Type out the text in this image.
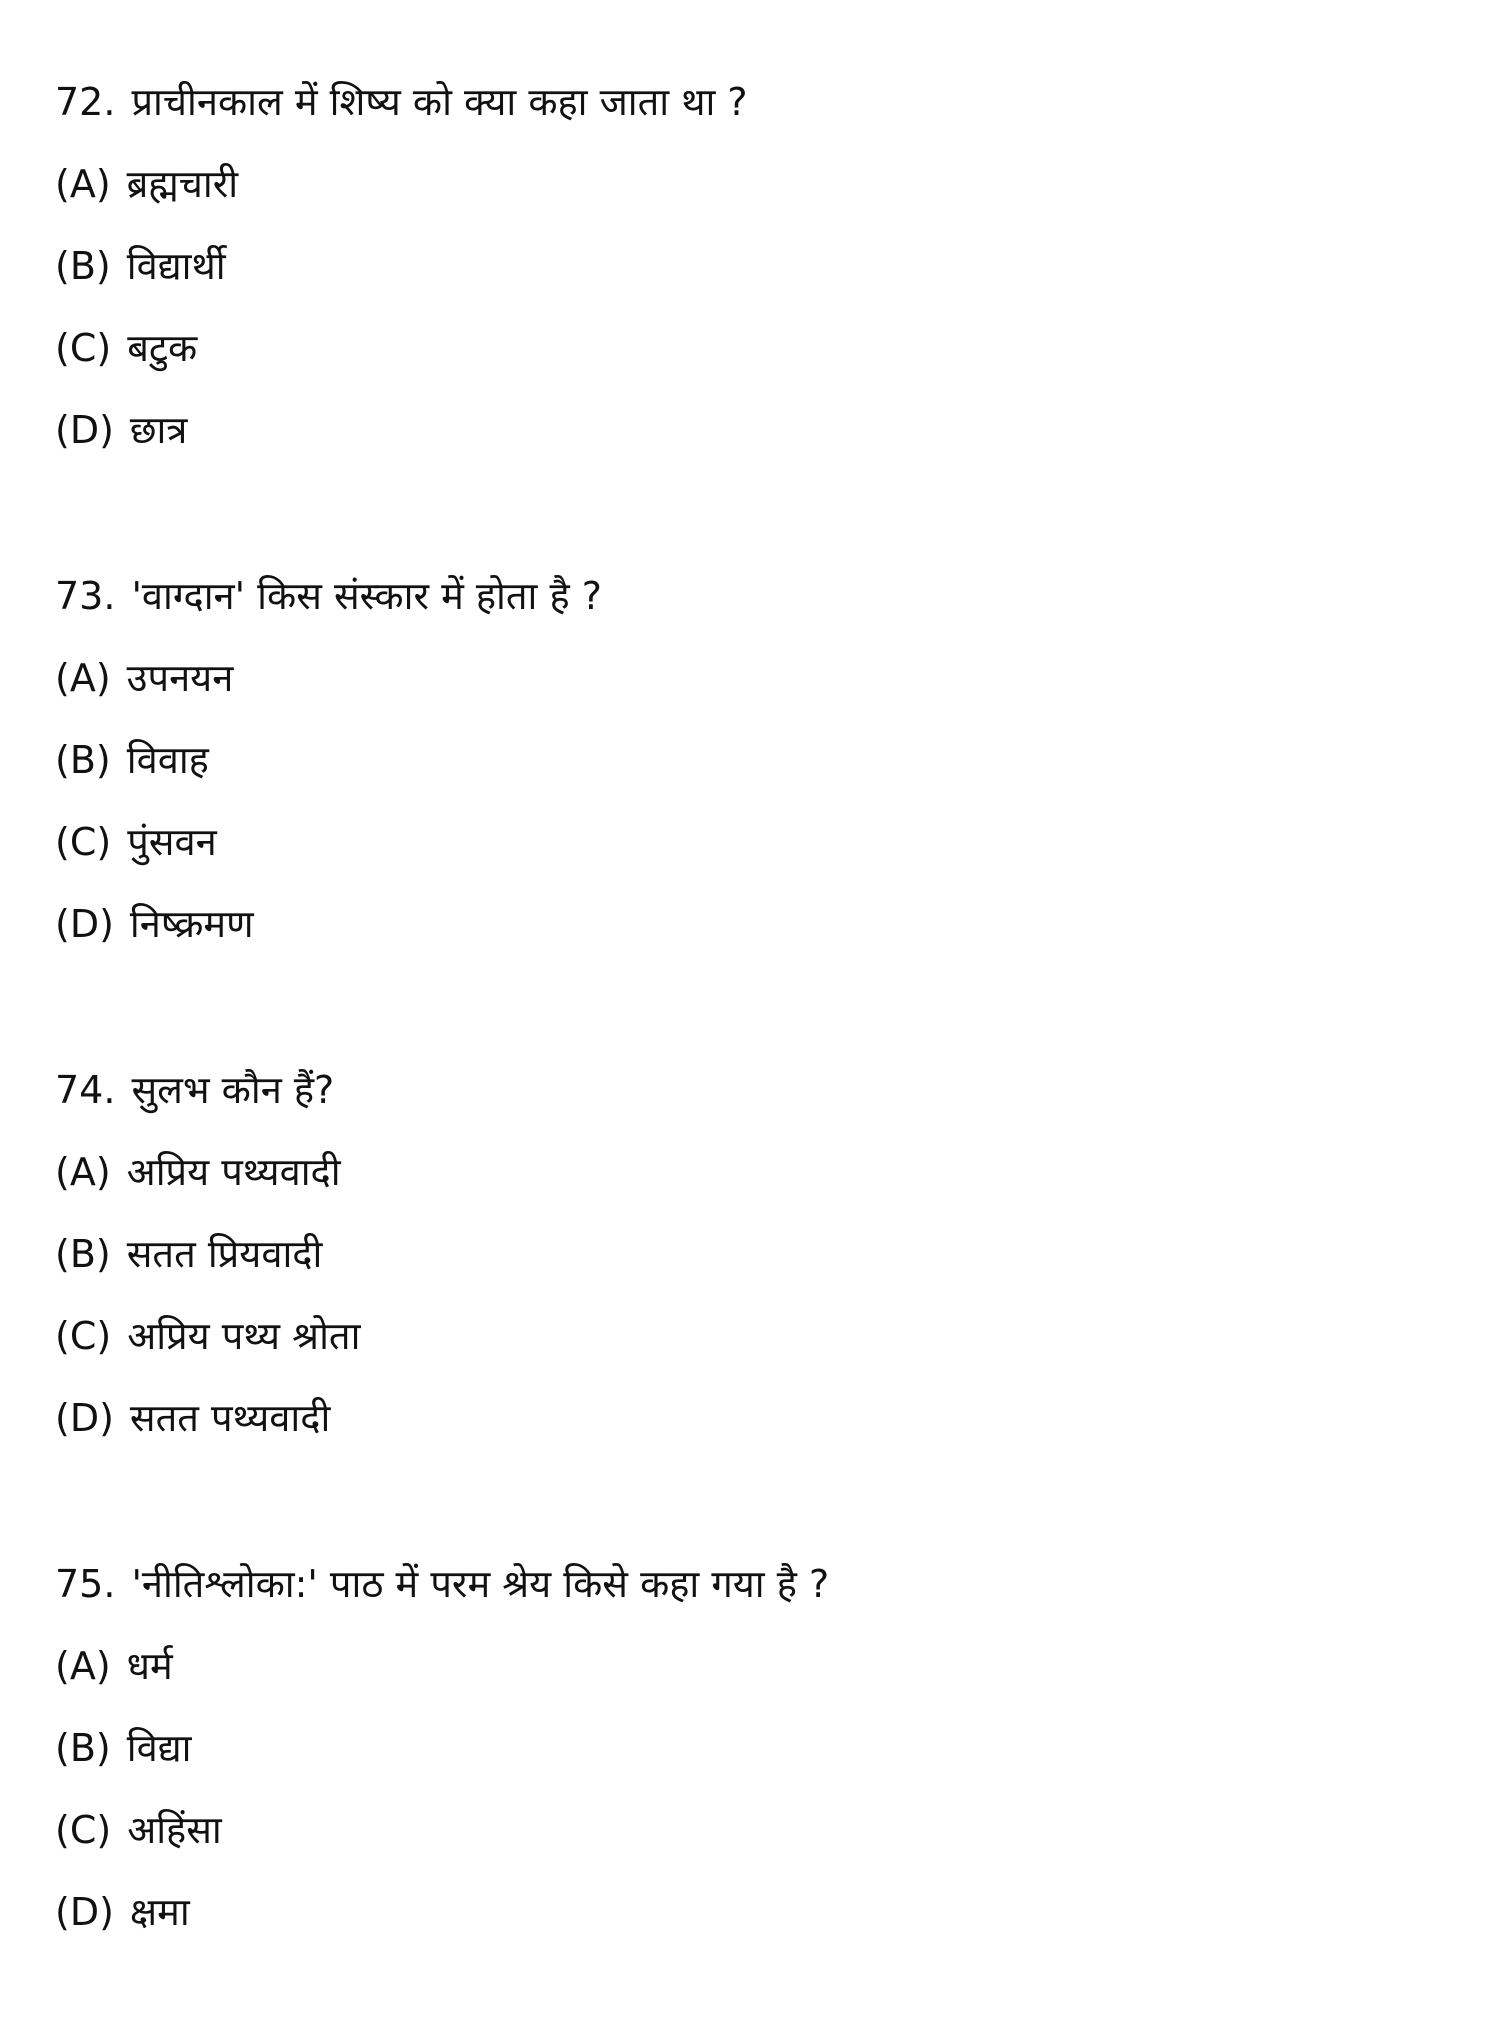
72. प्राचीनकाल में शिष्य को क्या कहा जाता था ?
(A) ब्रह्मचारी
(B) विद्यार्थी
(C) बटुक
(D) छात्र
73. 'वाग्दान' किस संस्कार में होता है ?
(A) उपनयन
(B) विवाह
(C) पुंसवन
(D) निष्क्रमण
74. सुलभ कौन हैं?
(A) अप्रिय पथ्यवादी
(B) सतत प्रियवादी
(C) अप्रिय पथ्य श्रोता
(D) सतत पथ्यवादी
75. 'नीतिश्लोका:' पाठ में परम श्रेय किसे कहा गया है ?
(A) धर्म
(B) विद्या
(C) अहिंसा
(D) क्षमा
